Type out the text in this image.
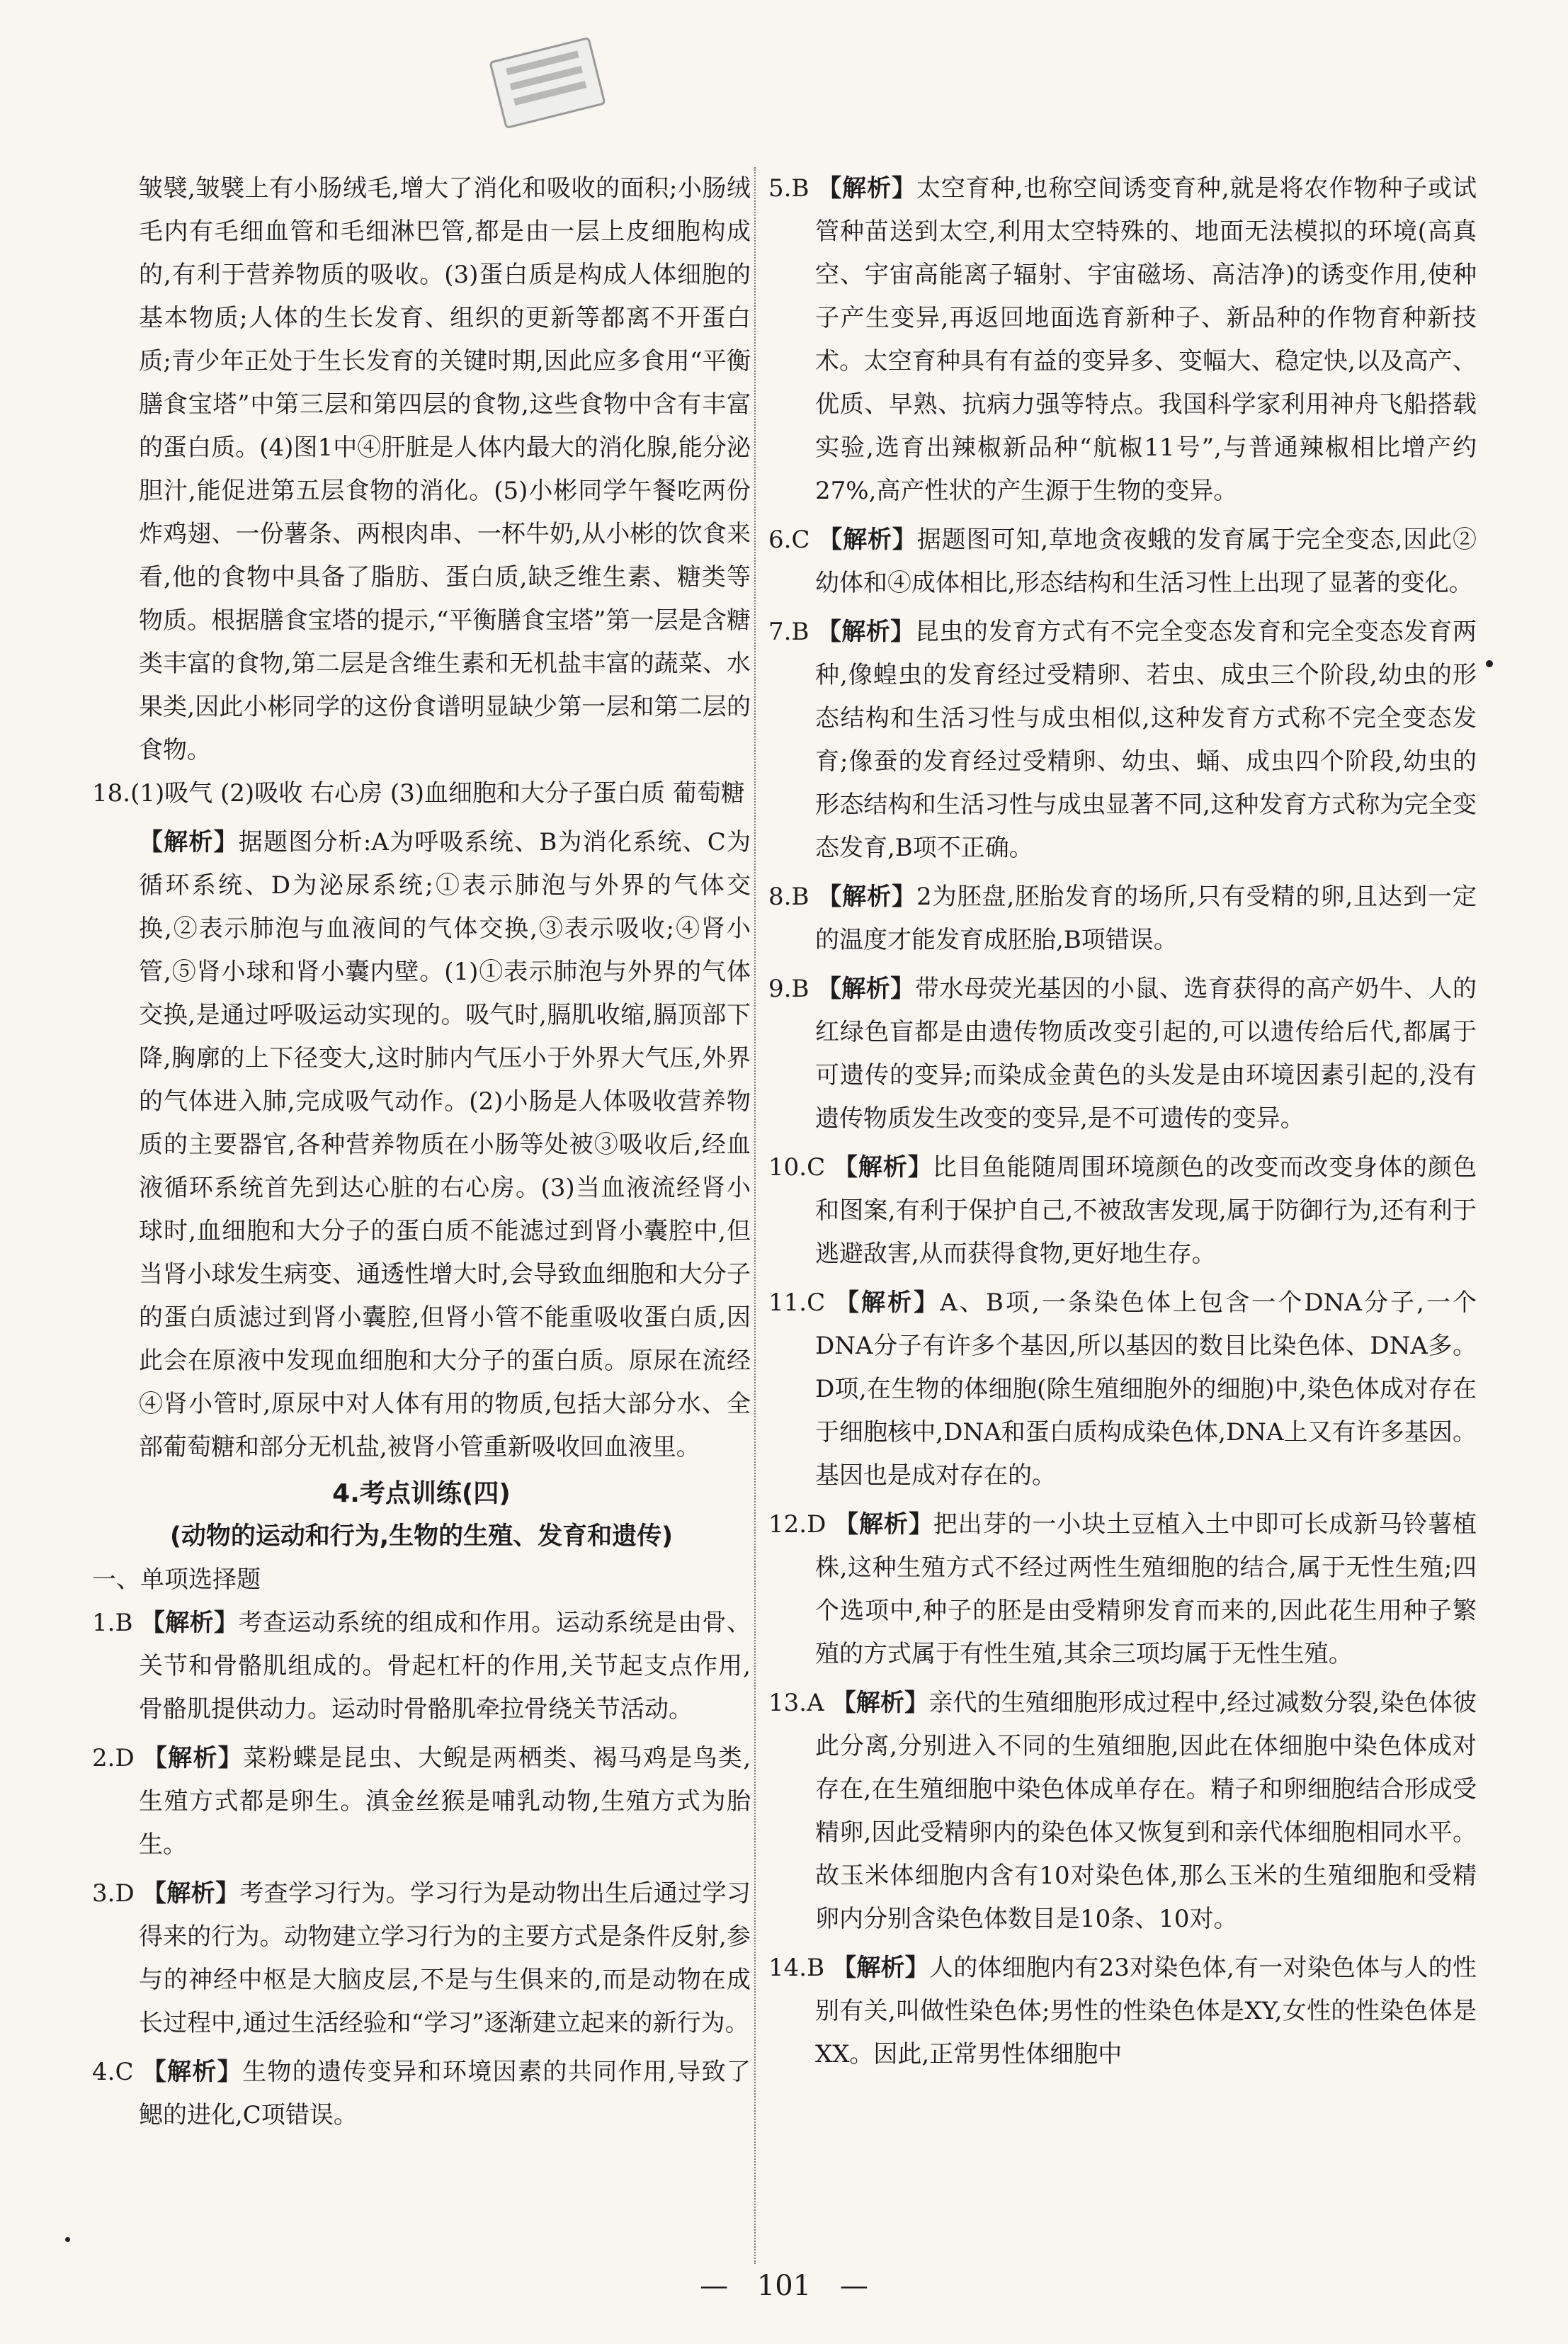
皱襞,皱襞上有小肠绒毛,增大了消化和吸收的面积;小肠绒毛内有毛细血管和毛细淋巴管,都是由一层上皮细胞构成的,有利于营养物质的吸收。(3)蛋白质是构成人体细胞的基本物质;人体的生长发育、组织的更新等都离不开蛋白质;青少年正处于生长发育的关键时期,因此应多食用“平衡膳食宝塔”中第三层和第四层的食物,这些食物中含有丰富的蛋白质。(4)图1中④肝脏是人体内最大的消化腺,能分泌胆汁,能促进第五层食物的消化。(5)小彬同学午餐吃两份炸鸡翅、一份薯条、两根肉串、一杯牛奶,从小彬的饮食来看,他的食物中具备了脂肪、蛋白质,缺乏维生素、糖类等物质。根据膳食宝塔的提示,“平衡膳食宝塔”第一层是含糖类丰富的食物,第二层是含维生素和无机盐丰富的蔬菜、水果类,因此小彬同学的这份食谱明显缺少第一层和第二层的食物。

18.(1)吸气 (2)吸收 右心房 (3)血细胞和大分子蛋白质 葡萄糖

【解析】据题图分析:A为呼吸系统、B为消化系统、C为循环系统、D为泌尿系统;①表示肺泡与外界的气体交换,②表示肺泡与血液间的气体交换,③表示吸收;④肾小管,⑤肾小球和肾小囊内壁。(1)①表示肺泡与外界的气体交换,是通过呼吸运动实现的。吸气时,膈肌收缩,膈顶部下降,胸廓的上下径变大,这时肺内气压小于外界大气压,外界的气体进入肺,完成吸气动作。(2)小肠是人体吸收营养物质的主要器官,各种营养物质在小肠等处被③吸收后,经血液循环系统首先到达心脏的右心房。(3)当血液流经肾小球时,血细胞和大分子的蛋白质不能滤过到肾小囊腔中,但当肾小球发生病变、通透性增大时,会导致血细胞和大分子的蛋白质滤过到肾小囊腔,但肾小管不能重吸收蛋白质,因此会在原液中发现血细胞和大分子的蛋白质。原尿在流经④肾小管时,原尿中对人体有用的物质,包括大部分水、全部葡萄糖和部分无机盐,被肾小管重新吸收回血液里。

4.考点训练(四)
(动物的运动和行为,生物的生殖、发育和遗传)
一、单项选择题

1.B 【解析】考查运动系统的组成和作用。运动系统是由骨、关节和骨骼肌组成的。骨起杠杆的作用,关节起支点作用,骨骼肌提供动力。运动时骨骼肌牵拉骨绕关节活动。

2.D 【解析】菜粉蝶是昆虫、大鲵是两栖类、褐马鸡是鸟类,生殖方式都是卵生。滇金丝猴是哺乳动物,生殖方式为胎生。

3.D 【解析】考查学习行为。学习行为是动物出生后通过学习得来的行为。动物建立学习行为的主要方式是条件反射,参与的神经中枢是大脑皮层,不是与生俱来的,而是动物在成长过程中,通过生活经验和“学习”逐渐建立起来的新行为。

4.C 【解析】生物的遗传变异和环境因素的共同作用,导致了鳃的进化,C项错误。

5.B 【解析】太空育种,也称空间诱变育种,就是将农作物种子或试管种苗送到太空,利用太空特殊的、地面无法模拟的环境(高真空、宇宙高能离子辐射、宇宙磁场、高洁净)的诱变作用,使种子产生变异,再返回地面选育新种子、新品种的作物育种新技术。太空育种具有有益的变异多、变幅大、稳定快,以及高产、优质、早熟、抗病力强等特点。我国科学家利用神舟飞船搭载实验,选育出辣椒新品种“航椒11号”,与普通辣椒相比增产约27%,高产性状的产生源于生物的变异。

6.C 【解析】据题图可知,草地贪夜蛾的发育属于完全变态,因此②幼体和④成体相比,形态结构和生活习性上出现了显著的变化。

7.B 【解析】昆虫的发育方式有不完全变态发育和完全变态发育两种,像蝗虫的发育经过受精卵、若虫、成虫三个阶段,幼虫的形态结构和生活习性与成虫相似,这种发育方式称不完全变态发育;像蚕的发育经过受精卵、幼虫、蛹、成虫四个阶段,幼虫的形态结构和生活习性与成虫显著不同,这种发育方式称为完全变态发育,B项不正确。

8.B 【解析】2为胚盘,胚胎发育的场所,只有受精的卵,且达到一定的温度才能发育成胚胎,B项错误。

9.B 【解析】带水母荧光基因的小鼠、选育获得的高产奶牛、人的红绿色盲都是由遗传物质改变引起的,可以遗传给后代,都属于可遗传的变异;而染成金黄色的头发是由环境因素引起的,没有遗传物质发生改变的变异,是不可遗传的变异。

10.C 【解析】比目鱼能随周围环境颜色的改变而改变身体的颜色和图案,有利于保护自己,不被敌害发现,属于防御行为,还有利于逃避敌害,从而获得食物,更好地生存。

11.C 【解析】A、B项,一条染色体上包含一个DNA分子,一个DNA分子有许多个基因,所以基因的数目比染色体、DNA多。D项,在生物的体细胞(除生殖细胞外的细胞)中,染色体成对存在于细胞核中,DNA和蛋白质构成染色体,DNA上又有许多基因。基因也是成对存在的。

12.D 【解析】把出芽的一小块土豆植入土中即可长成新马铃薯植株,这种生殖方式不经过两性生殖细胞的结合,属于无性生殖;四个选项中,种子的胚是由受精卵发育而来的,因此花生用种子繁殖的方式属于有性生殖,其余三项均属于无性生殖。

13.A 【解析】亲代的生殖细胞形成过程中,经过减数分裂,染色体彼此分离,分别进入不同的生殖细胞,因此在体细胞中染色体成对存在,在生殖细胞中染色体成单存在。精子和卵细胞结合形成受精卵,因此受精卵内的染色体又恢复到和亲代体细胞相同水平。故玉米体细胞内含有10对染色体,那么玉米的生殖细胞和受精卵内分别含染色体数目是10条、10对。

14.B 【解析】人的体细胞内有23对染色体,有一对染色体与人的性别有关,叫做性染色体;男性的性染色体是XY,女性的性染色体是XX。因此,正常男性体细胞中

— 101 —
